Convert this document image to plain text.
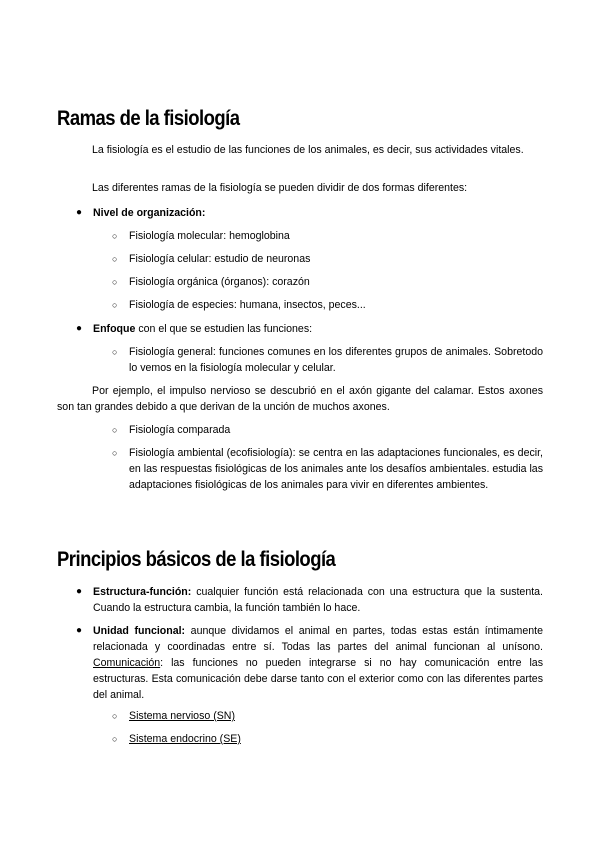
Ramas de la fisiología

La fisiología es el estudio de las funciones de los animales, es decir, sus actividades vitales.

Las diferentes ramas de la fisiología se pueden dividir de dos formas diferentes:

● Nivel de organización:
○ Fisiología molecular: hemoglobina
○ Fisiología celular: estudio de neuronas
○ Fisiología orgánica (órganos): corazón
○ Fisiología de especies: humana, insectos, peces...
● Enfoque con el que se estudien las funciones:
○ Fisiología general: funciones comunes en los diferentes grupos de animales. Sobretodo lo vemos en la fisiología molecular y celular.

Por ejemplo, el impulso nervioso se descubrió en el axón gigante del calamar. Estos axones son tan grandes debido a que derivan de la unción de muchos axones.

○ Fisiología comparada
○ Fisiología ambiental (ecofisiología): se centra en las adaptaciones funcionales, es decir, en las respuestas fisiológicas de los animales ante los desafíos ambientales. estudia las adaptaciones fisiológicas de los animales para vivir en diferentes ambientes.
Principios básicos de la fisiología
● Estructura-función: cualquier función está relacionada con una estructura que la sustenta. Cuando la estructura cambia, la función también lo hace.
● Unidad funcional: aunque dividamos el animal en partes, todas estas están íntimamente relacionada y coordinadas entre sí. Todas las partes del animal funcionan al unísono. Comunicación: las funciones no pueden integrarse si no hay comunicación entre las estructuras. Esta comunicación debe darse tanto con el exterior como con las diferentes partes del animal.
○ Sistema nervioso (SN)
○ Sistema endocrino (SE)
